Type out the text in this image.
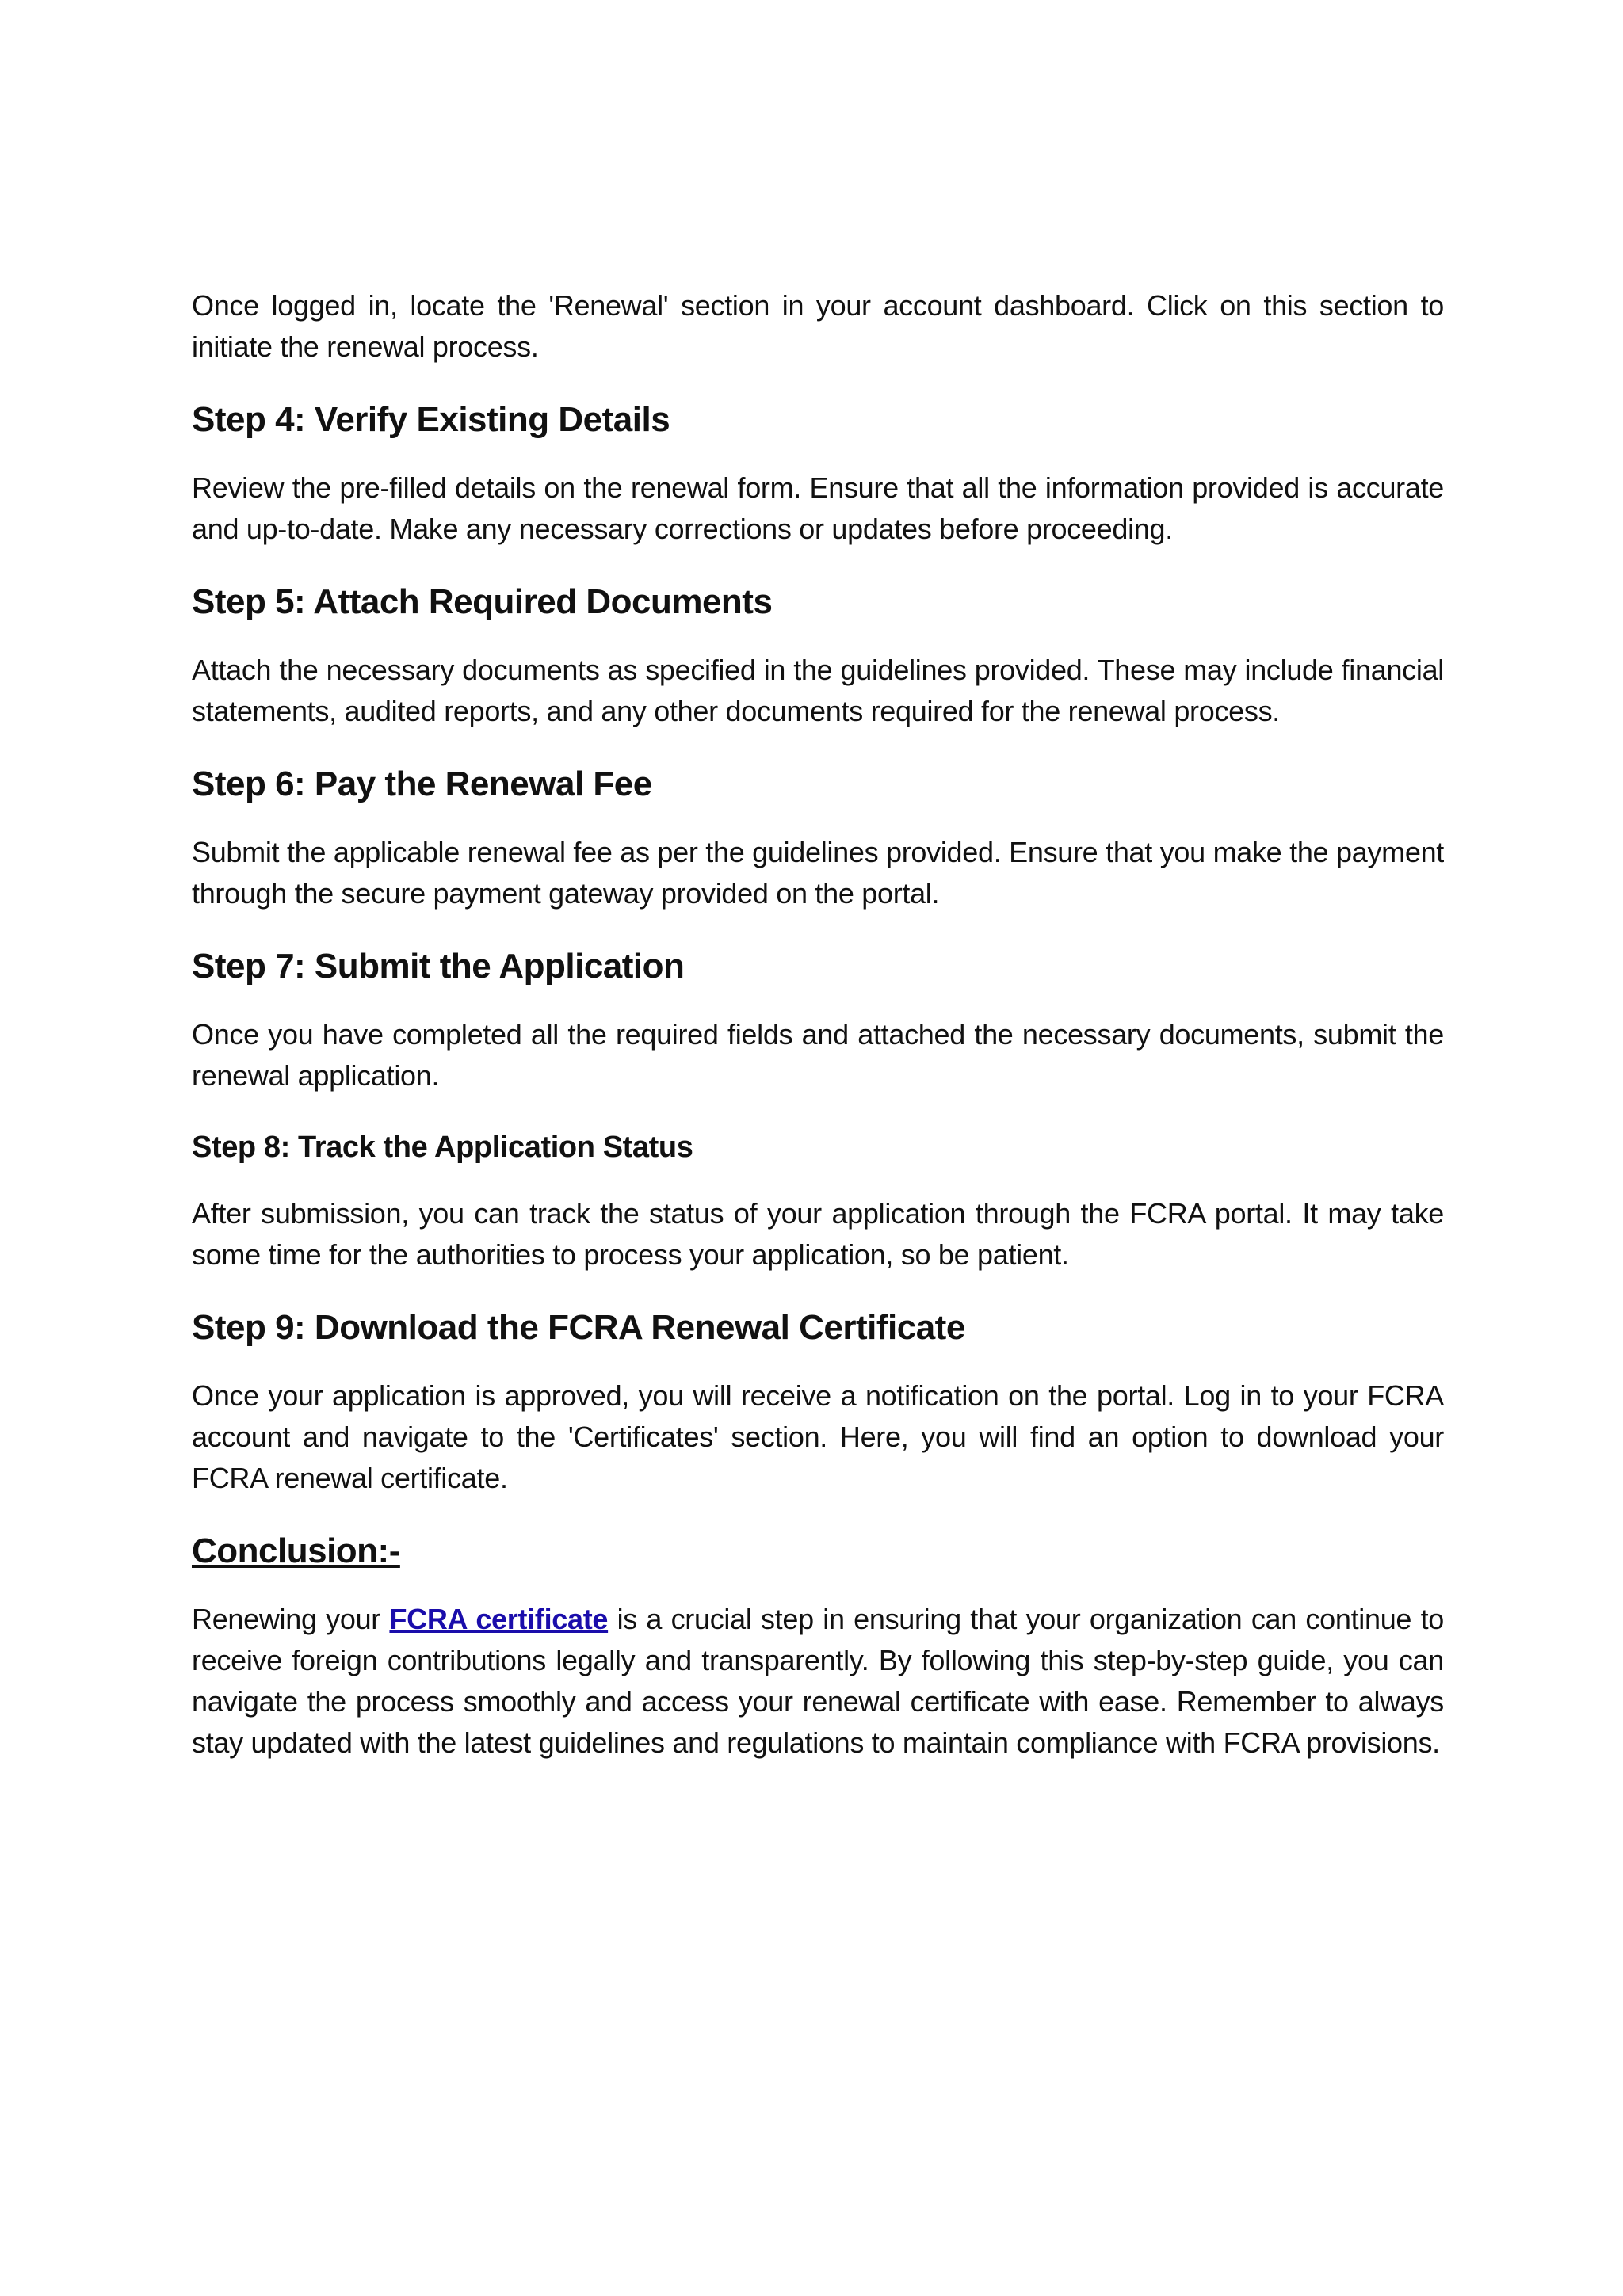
Once logged in, locate the 'Renewal' section in your account dashboard. Click on this section to initiate the renewal process.

Step 4: Verify Existing Details

Review the pre-filled details on the renewal form. Ensure that all the information provided is accurate and up-to-date. Make any necessary corrections or updates before proceeding.

Step 5: Attach Required Documents

Attach the necessary documents as specified in the guidelines provided. These may include financial statements, audited reports, and any other documents required for the renewal process.

Step 6: Pay the Renewal Fee

Submit the applicable renewal fee as per the guidelines provided. Ensure that you make the payment through the secure payment gateway provided on the portal.

Step 7: Submit the Application

Once you have completed all the required fields and attached the necessary documents, submit the renewal application.

Step 8: Track the Application Status

After submission, you can track the status of your application through the FCRA portal. It may take some time for the authorities to process your application, so be patient.

Step 9: Download the FCRA Renewal Certificate

Once your application is approved, you will receive a notification on the portal. Log in to your FCRA account and navigate to the 'Certificates' section. Here, you will find an option to download your FCRA renewal certificate.

Conclusion:-

Renewing your FCRA certificate is a crucial step in ensuring that your organization can continue to receive foreign contributions legally and transparently. By following this step-by-step guide, you can navigate the process smoothly and access your renewal certificate with ease. Remember to always stay updated with the latest guidelines and regulations to maintain compliance with FCRA provisions.
